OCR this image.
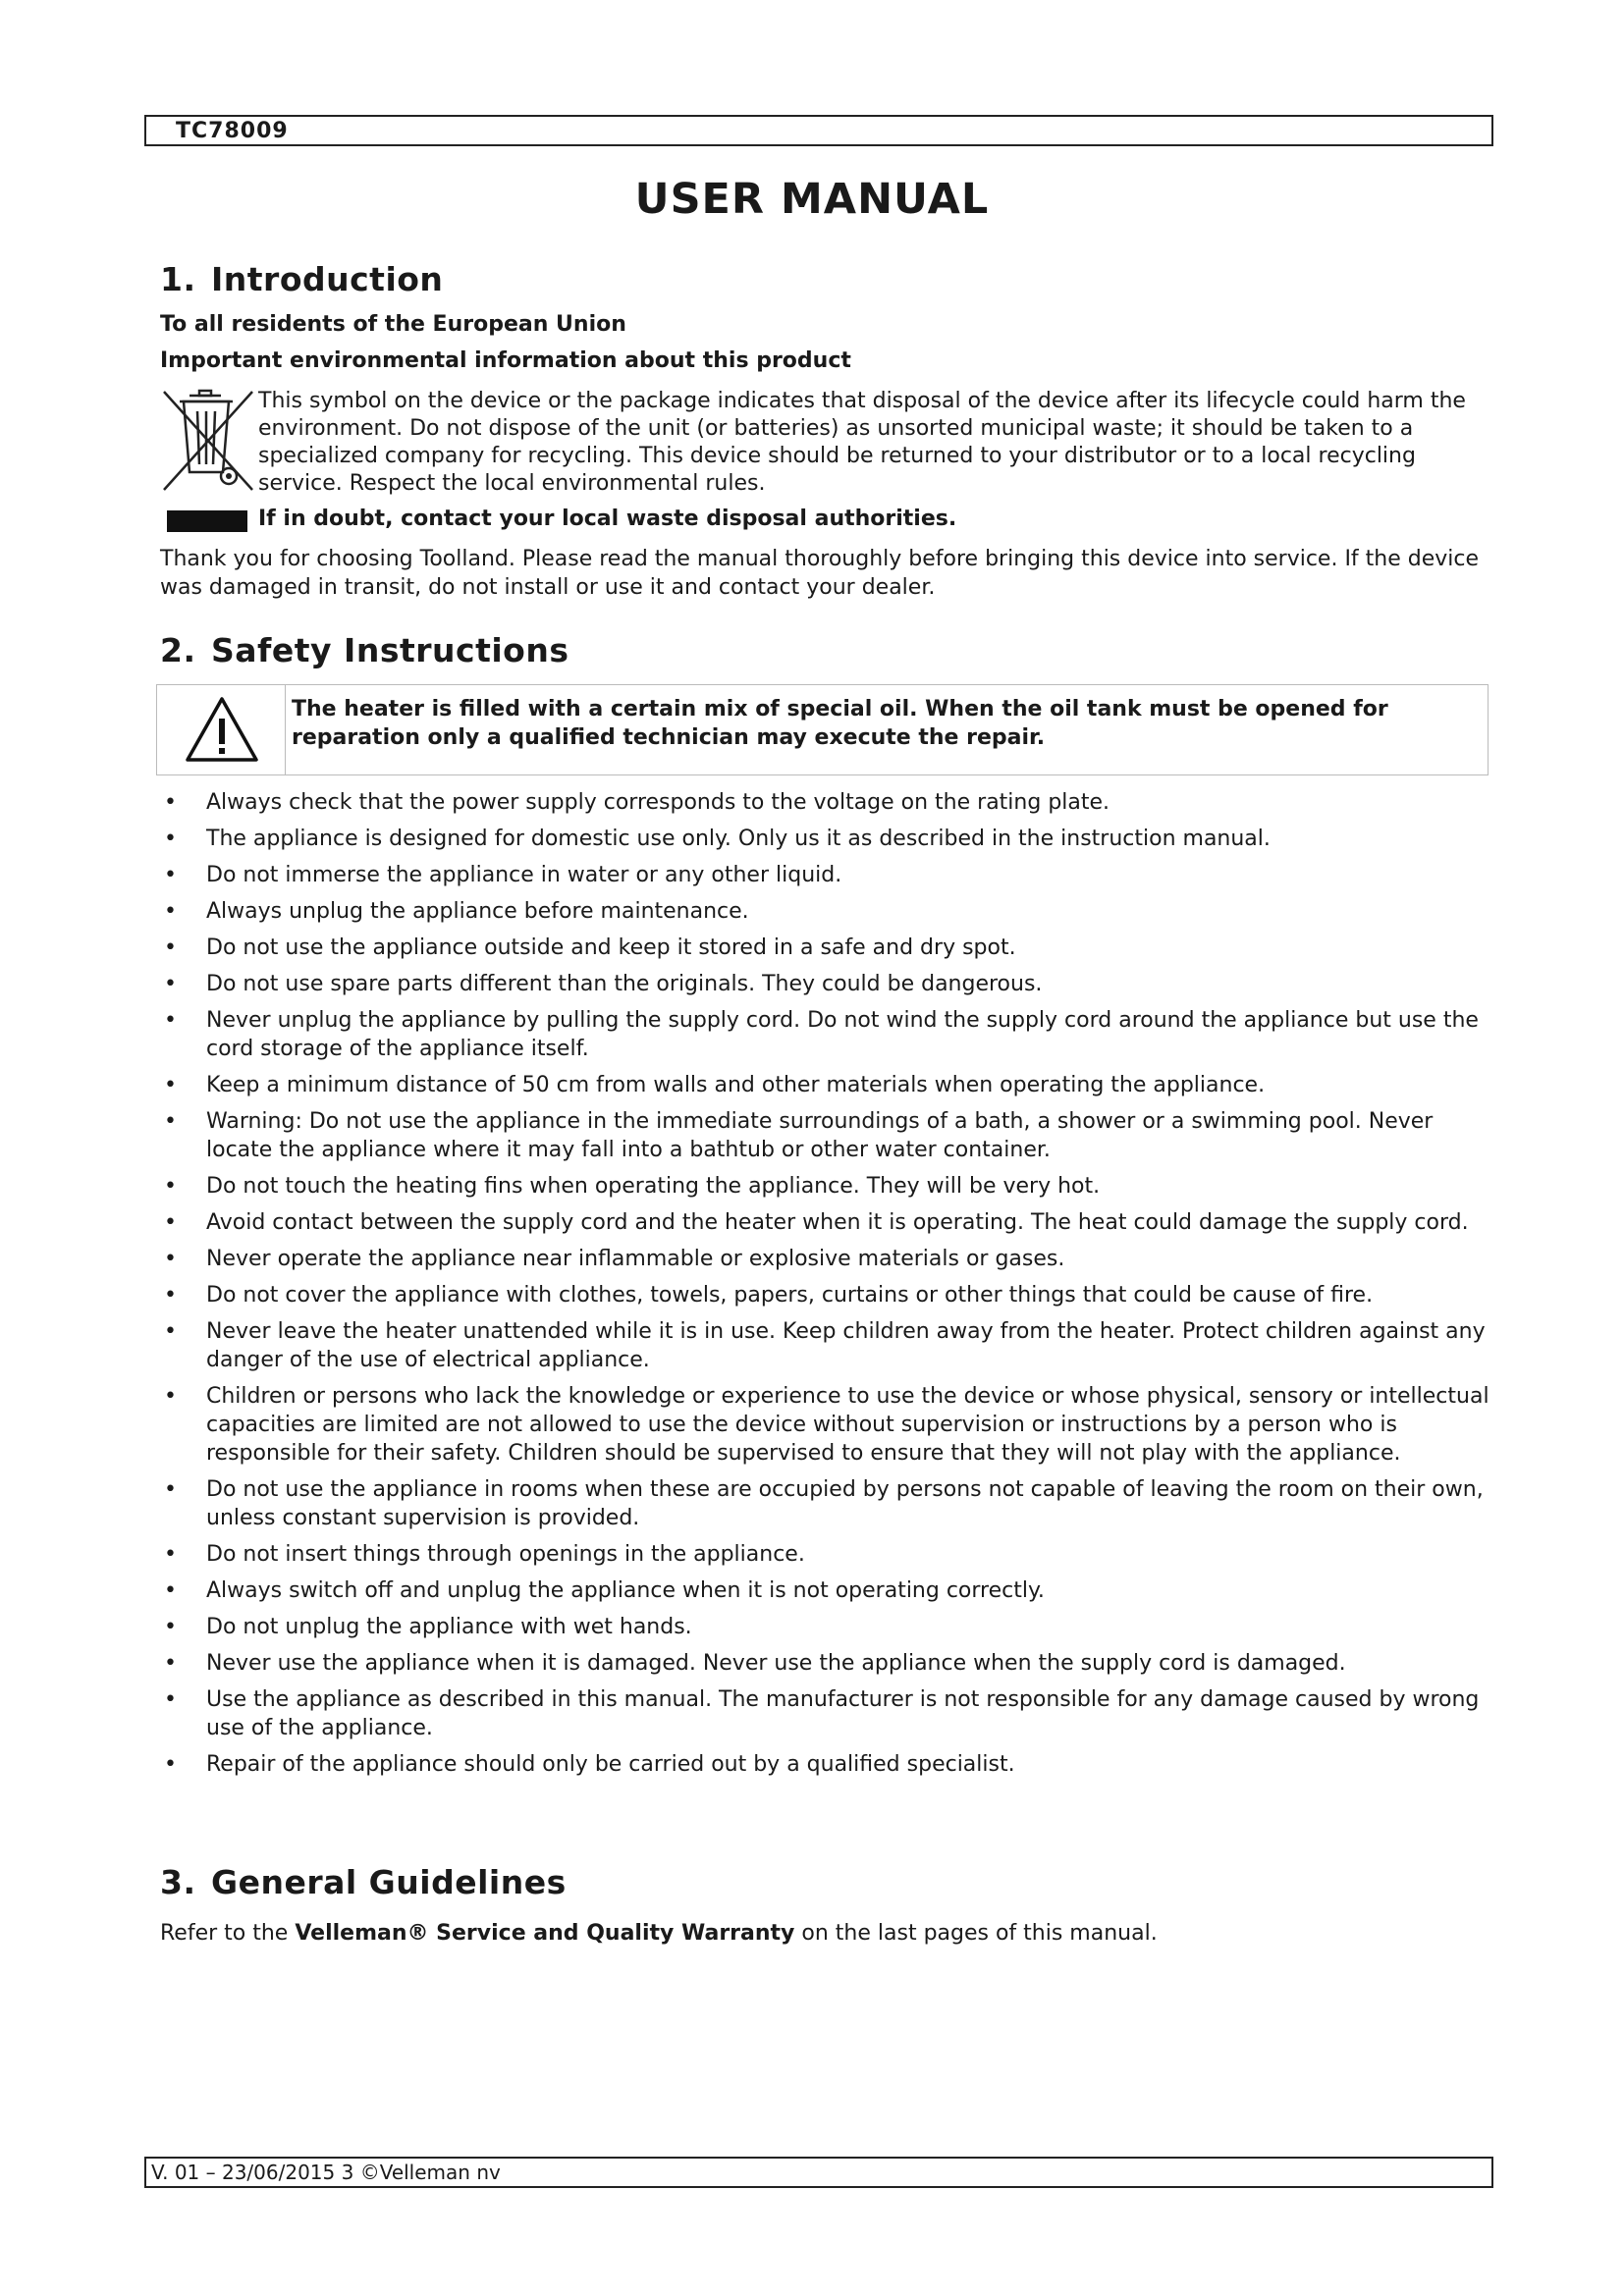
TC78009
USER MANUAL
1. Introduction
To all residents of the European Union
Important environmental information about this product
This symbol on the device or the package indicates that disposal of the device after its lifecycle could harm the environment. Do not dispose of the unit (or batteries) as unsorted municipal waste; it should be taken to a specialized company for recycling. This device should be returned to your distributor or to a local recycling service. Respect the local environmental rules.
If in doubt, contact your local waste disposal authorities.
Thank you for choosing Toolland. Please read the manual thoroughly before bringing this device into service. If the device was damaged in transit, do not install or use it and contact your dealer.
2. Safety Instructions
The heater is filled with a certain mix of special oil. When the oil tank must be opened for reparation only a qualified technician may execute the repair.
• Always check that the power supply corresponds to the voltage on the rating plate.
• The appliance is designed for domestic use only. Only us it as described in the instruction manual.
• Do not immerse the appliance in water or any other liquid.
• Always unplug the appliance before maintenance.
• Do not use the appliance outside and keep it stored in a safe and dry spot.
• Do not use spare parts different than the originals. They could be dangerous.
• Never unplug the appliance by pulling the supply cord. Do not wind the supply cord around the appliance but use the cord storage of the appliance itself.
• Keep a minimum distance of 50 cm from walls and other materials when operating the appliance.
• Warning: Do not use the appliance in the immediate surroundings of a bath, a shower or a swimming pool. Never locate the appliance where it may fall into a bathtub or other water container.
• Do not touch the heating fins when operating the appliance. They will be very hot.
• Avoid contact between the supply cord and the heater when it is operating. The heat could damage the supply cord.
• Never operate the appliance near inflammable or explosive materials or gases.
• Do not cover the appliance with clothes, towels, papers, curtains or other things that could be cause of fire.
• Never leave the heater unattended while it is in use. Keep children away from the heater. Protect children against any danger of the use of electrical appliance.
• Children or persons who lack the knowledge or experience to use the device or whose physical, sensory or intellectual capacities are limited are not allowed to use the device without supervision or instructions by a person who is responsible for their safety. Children should be supervised to ensure that they will not play with the appliance.
• Do not use the appliance in rooms when these are occupied by persons not capable of leaving the room on their own, unless constant supervision is provided.
• Do not insert things through openings in the appliance.
• Always switch off and unplug the appliance when it is not operating correctly.
• Do not unplug the appliance with wet hands.
• Never use the appliance when it is damaged. Never use the appliance when the supply cord is damaged.
• Use the appliance as described in this manual. The manufacturer is not responsible for any damage caused by wrong use of the appliance.
• Repair of the appliance should only be carried out by a qualified specialist.
3. General Guidelines
Refer to the Velleman® Service and Quality Warranty on the last pages of this manual.
V. 01 – 23/06/2015 3 ©Velleman nv
